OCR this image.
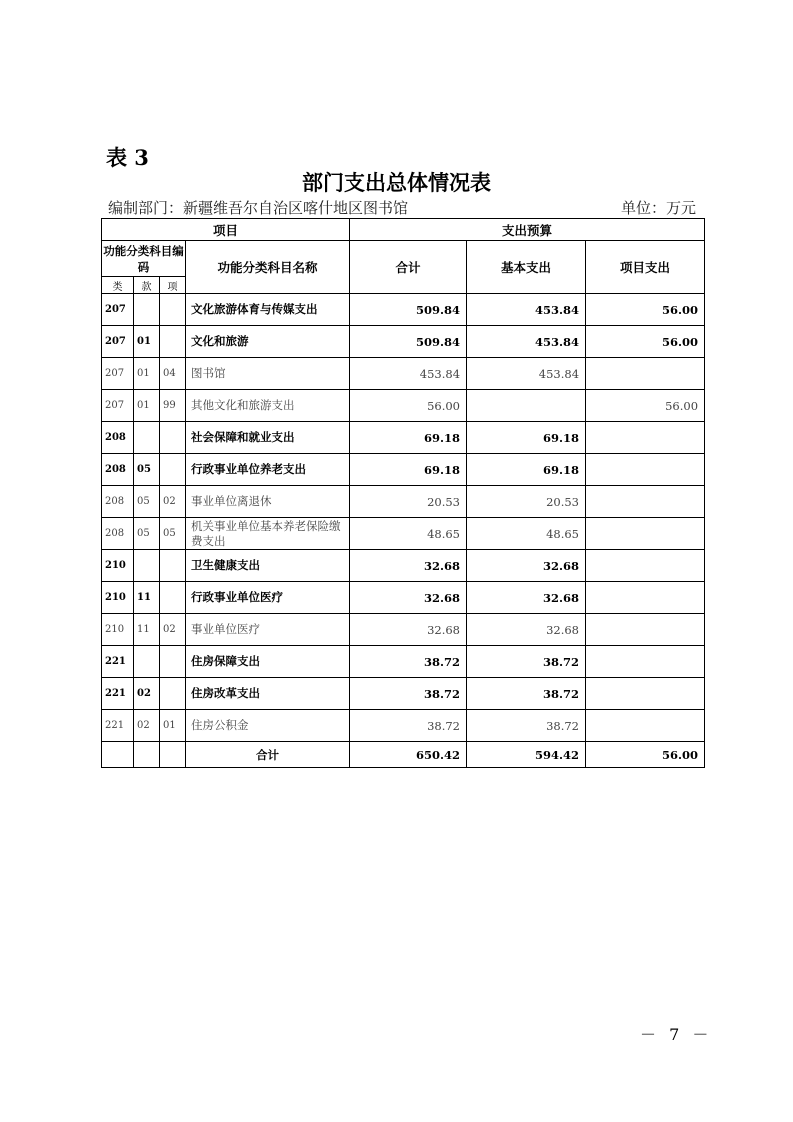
表 3
部门支出总体情况表
编制部门：新疆维吾尔自治区喀什地区图书馆	单位：万元
项目				支出预算		
功能分类科目编码			功能分类科目名称	合计	基本支出	项目支出
类	款	项				
207			文化旅游体育与传媒支出	509.84	453.84	56.00
207	01		文化和旅游	509.84	453.84	56.00
207	01	04	图书馆	453.84	453.84	
207	01	99	其他文化和旅游支出	56.00		56.00
208			社会保障和就业支出	69.18	69.18	
208	05		行政事业单位养老支出	69.18	69.18	
208	05	02	事业单位离退休	20.53	20.53	
208	05	05	机关事业单位基本养老保险缴费支出	48.65	48.65	
210			卫生健康支出	32.68	32.68	
210	11		行政事业单位医疗	32.68	32.68	
210	11	02	事业单位医疗	32.68	32.68	
221			住房保障支出	38.72	38.72	
221	02		住房改革支出	38.72	38.72	
221	02	01	住房公积金	38.72	38.72	
			合计	650.42	594.42	56.00
－ 7 －
